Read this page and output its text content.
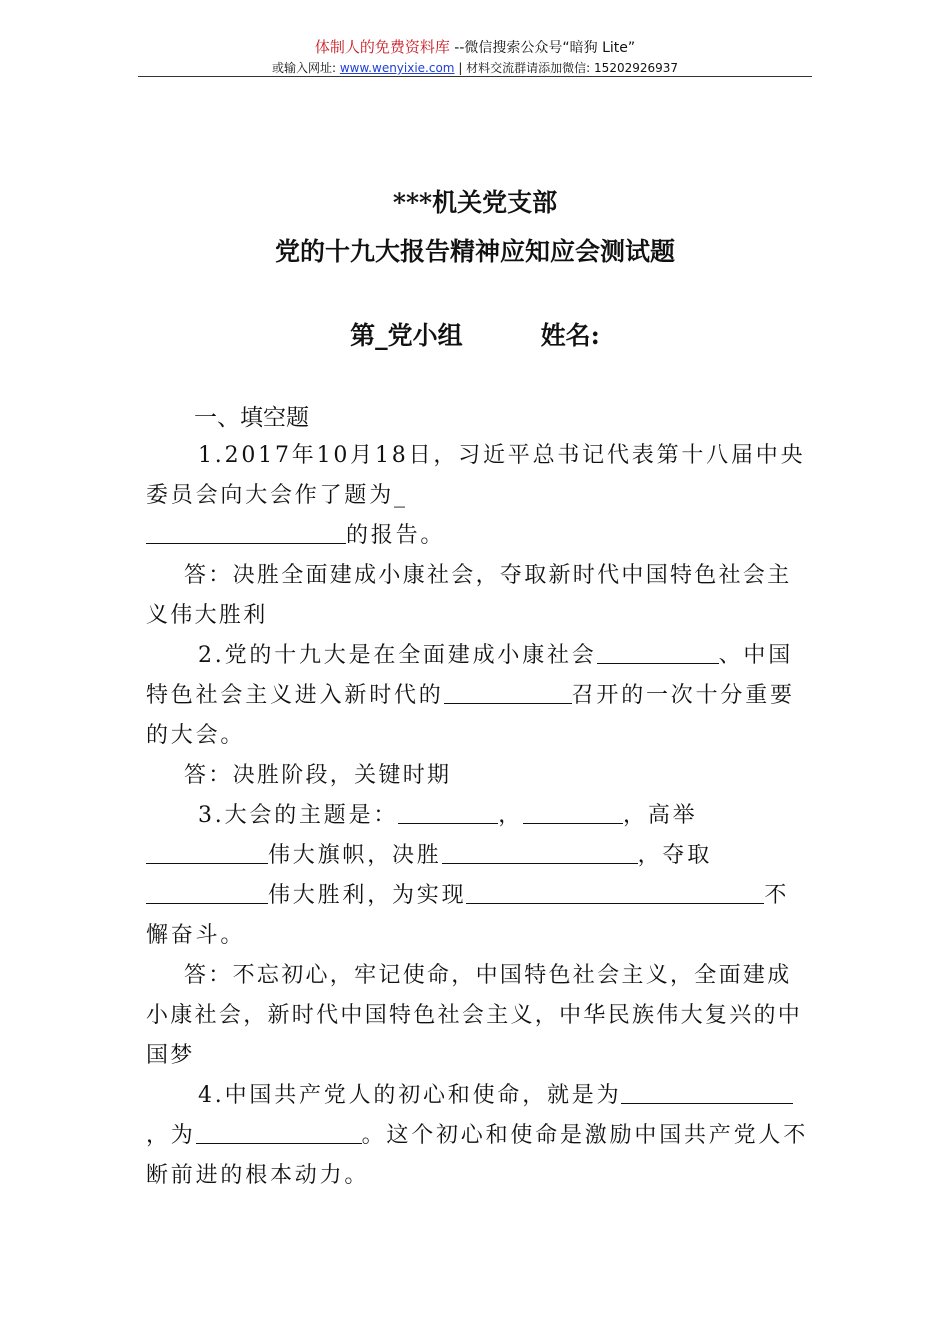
体制人的免费资料库 --微信搜索公众号“暗狗 Lite”
或输入网址: www.wenyixie.com | 材料交流群请添加微信: 15202926937
***机关党支部
党的十九大报告精神应知应会测试题
第_党小组	姓名:
一、填空题

1.2017年10月18日，习近平总书记代表第十八届中央委员会向大会作了题为_
的报告。

答：决胜全面建成小康社会，夺取新时代中国特色社会主义伟大胜利

2.党的十九大是在全面建成小康社会	、中国特色社会主义进入新时代的	召开的一次十分重要的大会。

答：决胜阶段，关键时期

3.大会的主题是：	，	，高举
伟大旗帜，决胜	，夺取
伟大胜利，为实现	不懈奋斗。

答：不忘初心，牢记使命，中国特色社会主义，全面建成小康社会，新时代中国特色社会主义，中华民族伟大复兴的中国梦

4.中国共产党人的初心和使命，就是为，为	。这个初心和使命是激励中国共产党人不断前进的根本动力。
